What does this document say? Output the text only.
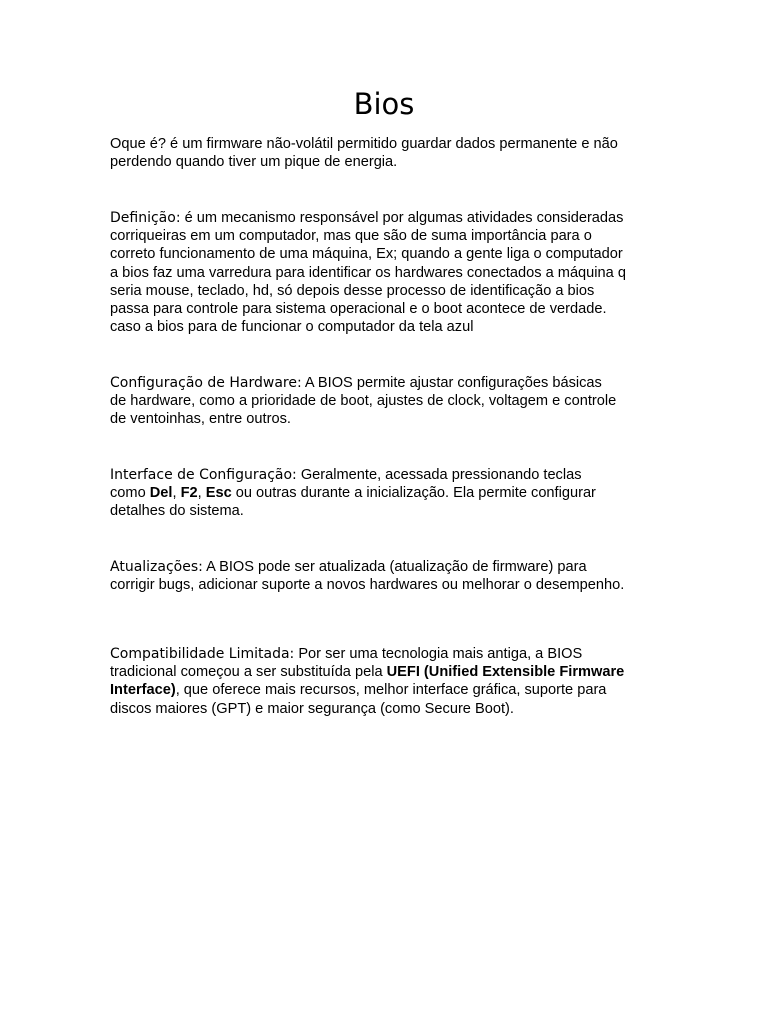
Bios
Oque é? é um firmware não-volátil permitido guardar dados permanente e não
perdendo quando tiver um pique de energia.
Definição: é um mecanismo responsável por algumas atividades consideradas
corriqueiras em um computador, mas que são de suma importância para o
correto funcionamento de uma máquina, Ex; quando a gente liga o computador
a bios faz uma varredura para identificar os hardwares conectados a máquina q
seria mouse, teclado, hd, só depois desse processo de identificação a bios
passa para controle para sistema operacional e o boot acontece de verdade.
caso a bios para de funcionar o computador da tela azul
Configuração de Hardware: A BIOS permite ajustar configurações básicas
de hardware, como a prioridade de boot, ajustes de clock, voltagem e controle
de ventoinhas, entre outros.
Interface de Configuração: Geralmente, acessada pressionando teclas
como Del, F2, Esc ou outras durante a inicialização. Ela permite configurar
detalhes do sistema.
Atualizações: A BIOS pode ser atualizada (atualização de firmware) para
corrigir bugs, adicionar suporte a novos hardwares ou melhorar o desempenho.
Compatibilidade Limitada: Por ser uma tecnologia mais antiga, a BIOS
tradicional começou a ser substituída pela UEFI (Unified Extensible Firmware
Interface), que oferece mais recursos, melhor interface gráfica, suporte para
discos maiores (GPT) e maior segurança (como Secure Boot).
